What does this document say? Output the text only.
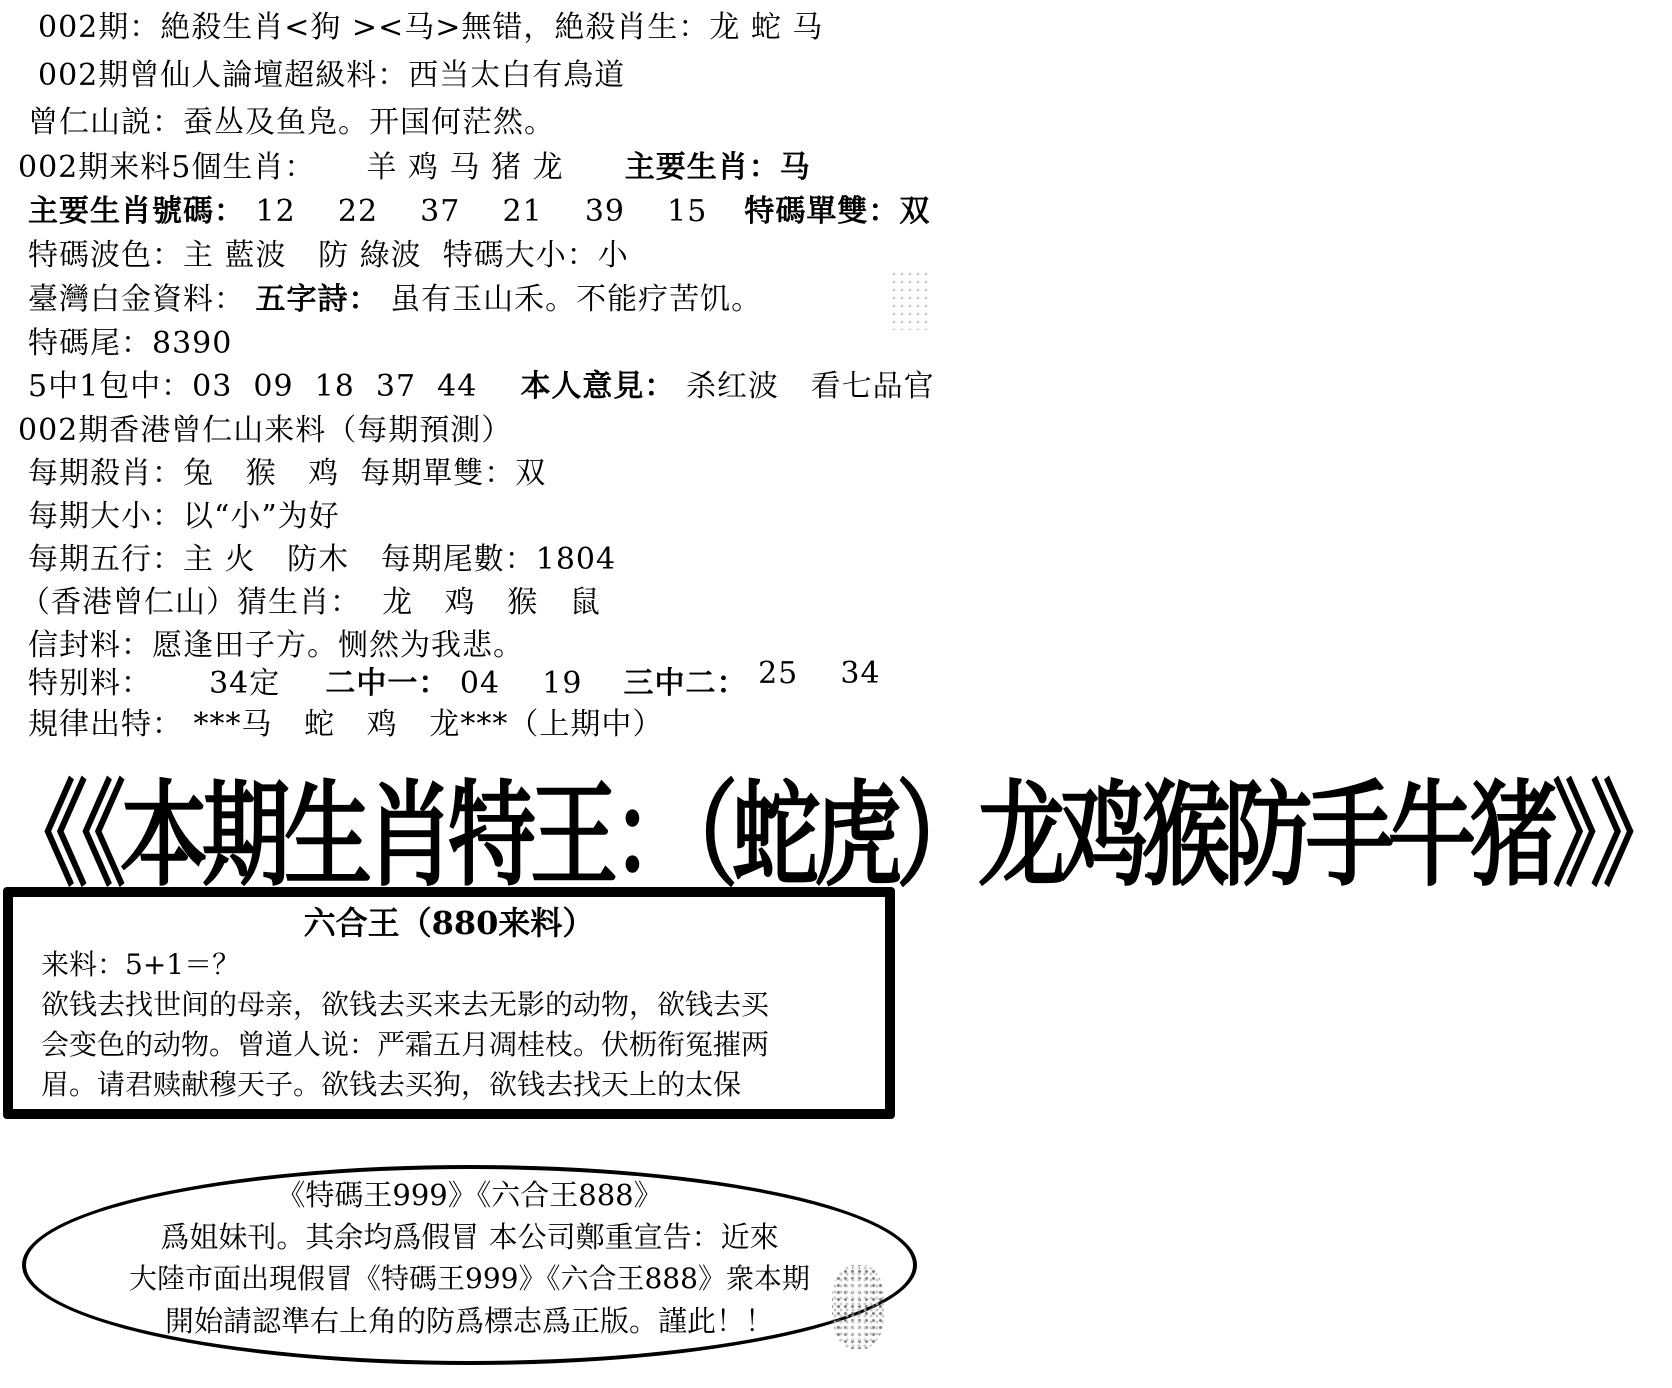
002期：絶殺生肖<狗 ><马>無错，絶殺肖生：龙 蛇 马
002期曾仙人論壇超級料：西当太白有鳥道
曾仁山説：蚕丛及鱼凫。开国何茫然。
002期来料5個生肖： 羊 鸡 马 猪 龙 主要生肖：马
主要生肖號碼： 12    22    37    21    39    15 特碼單雙：双
特碼波色：主 藍波   防 綠波  特碼大小：小
臺灣白金資料： 五字詩： 虽有玉山禾。不能疗苦饥。
特碼尾：8390
5中1包中：03  09  18  37  44 本人意見： 杀红波   看七品官
002期香港曾仁山来料（每期預測）
每期殺肖：兔   猴   鸡  每期單雙：双
每期大小：以“小”为好
每期五行：主 火   防木   每期尾數：1804
（香港曾仁山）猜生肖：  龙   鸡   猴   鼠
信封料：愿逢田子方。恻然为我悲。
特别料： 34定 二中一： 04    19 三中二： 25    34
規律出特： ***马   蛇   鸡   龙***（上期中）
《《本期生肖特王：（蛇虎）龙鸡猴防手牛猪》》
六合王（880来料）
来料：5+1＝？
欲钱去找世间的母亲，欲钱去买来去无影的动物，欲钱去买
会变色的动物。曾道人说：严霜五月凋桂枝。伏枥衔冤摧两
眉。请君赎献穆天子。欲钱去买狗，欲钱去找天上的太保
《特碼王999》《六合王888》
爲姐妹刊。其余均爲假冒 本公司鄭重宣告：近來
大陸市面出現假冒《特碼王999》《六合王888》衆本期
開始請認準右上角的防爲標志爲正版。謹此！！
